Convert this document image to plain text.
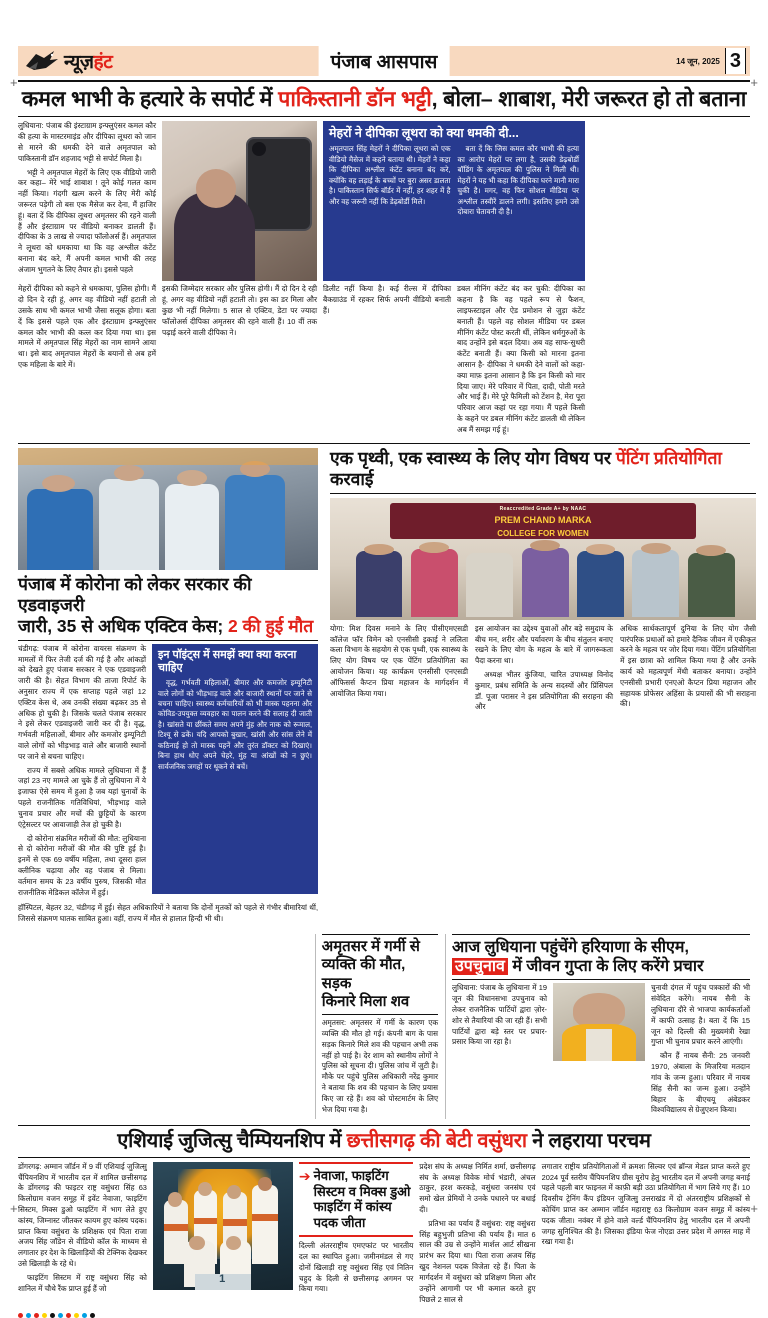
+	+
न्यूज़हंट	पंजाब आसपास	14 जून, 2025 3
कमल भाभी के हत्यारे के सपोर्ट में पाकिस्तानी डॉन भट्टी, बोला– शाबाश, मेरी जरूरत हो तो बताना

लुधियाना: पंजाब की इंस्टाग्राम इन्फ्लुएंसर कमल कौर की हत्या के मास्टरमाइंड और दीपिका लूथरा को जान से मारने की धमकी देने वाले अमृतपाल को पाकिस्तानी डॉन शहजाद भट्टी से सपोर्ट मिला है।

भट्टी ने अमृतपाल मेहरों के लिए एक वीडियो जारी कर कहा– मेरे भाई शाबाश ! तूने कोई गलत काम नहीं किया। गंदगी खत्म करने के लिए मेरी कोई जरूरत पड़ेगी तो बस एक मैसेज कर देना, मैं हाजिर हूं। बता दें कि दीपिका लूथरा अमृतसर की रहने वाली हैं और इंस्टाग्राम पर वीडियो बनाकर डालती हैं। दीपिका के 3 लाख से ज्यादा फॉलोअर्स हैं। अमृतपाल ने लूथरा को धमकाया था कि वह अश्लील कंटेंट बनाना बंद करे, मैं अपनी कमल भाभी की तरह अंजाम भुगतने के लिए तैयार हो। इससे पहले

मेहरों ने दीपिका लूथरा को क्या धमकी दी...

अमृतपाल सिंह मेहरों ने दीपिका लूथरा को एक वीडियो मैसेज में कहने बताया थी। मेहरों ने कहा कि दीपिका अश्लील कंटेंट बनाना बंद करे, क्योंकि वह लड़ाई के बच्चों पर बुरा असर डालता है। पाकिस्तान सिर्फ बॉर्डर में नहीं, हर शहर में है और वह जरूरी नहीं कि डेढ़बोर्डी मिले।

बता दें कि जिस कमल कौर भाभी की हत्या का आरोप मेहरों पर लगा है, उसकी डेढ़बोर्डी बॉडिंग के अमृतपाल की पुलिस ने मिली थी। मेहरों ने यह भी कहा कि दीपिका घरने मानी मारा चुकी है। मगर, वह फिर सोशल मीडिया पर अश्लील तस्वीरें डालने लगी। इसलिए हमने उसे दोबारा चेतावनी दी है।

मेहरों दीपिका को कहने से धमकाया, पुलिस होगी। मैं दो दिन दे रही हूं, अगर वह वीडियो नहीं हटाती तो उसके साथ भी कमल भाभी जैसा सलूक होगा। बता दें कि इससे पहले एक और इंस्टाग्राम इन्फ्लुएंसर कमल कौर भाभी की कत्ल कर दिया गया था। इस मामले में अमृतपाल सिंह मेहरों का नाम सामने आया था। इसे बाद अमृतपाल मेहरों के बयानों से अब हमें एक महिला के बारे में।

इसकी जिम्मेदार सरकार और पुलिस होगी। मैं दो दिन दे रही हूं, अगर वह वीडियो नहीं हटाती तो। इस का डर मिला और कुछ भी नहीं मिलेगा। 5 साल से एक्टिव, डेटा पर ज्यादा फॉलोअर्स दीपिका अमृतसर की रहने वाली हैं। 10 वीं तक पढ़ाई करने वाली दीपिका ने।

डिलीट नहीं किया है। कई रील्स में दीपिका बैकग्राउंड में रहकर सिर्फ अपनी वीडियो बनाती हैं।

डबल मीनिंग कंटेंट बंद कर चुकी: दीपिका का कहना है कि वह पहले रूप से फैशन, लाइफस्टाइल और ऐड प्रमोशन से जुड़ा कंटेंट बनाती हैं। पहले वह सोशल मीडिया पर डबल मीनिंग कंटेंट पोस्ट करती थीं, लेकिन धर्मगुरुओं के बाद उन्होंने इसे बदल दिया। अब वह साफ-सुथरी कंटेंट बनाती हैं। क्या किसी को मारना इतना आसान है- दीपिका ने धमकी देने वालों को कहा- क्या माफ़ इतना आसान है कि इन किसी को मार दिया जाए। मेरे परिवार में पिता, दादी, पोती मरते और भाई हैं। मेरे पूरे फैमिली को टेंशन है, मेरा पूरा परिवार आज कहां पर रहा गया। मैं पहले किसी के कहने पर डबल मीनिंग कंटेंट डालती थी लेकिन अब मैं समझ गई हूं।

पंजाब में कोरोना को लेकर सरकार की एडवाइजरी
जारी, 35 से अधिक एक्टिव केस; 2 की हुई मौत

चंडीगढ़: पंजाब में कोरोना वायरस संक्रमण के मामलों में फिर तेजी दर्ज की गई है और आंकड़ों को देखते हुए पंजाब सरकार ने एक एडवाइजरी जारी की है। सेहत विभाग की ताजा रिपोर्ट के अनुसार राज्य में एक सप्ताह पहले जहां 12 एक्टिव केस थे, अब उनकी संख्या बढ़कर 35 से अधिक हो चुकी है। जिसके चलते पंजाब सरकार ने इसे लेकर एडवाइजरी जारी कर दी है। वृद्ध, गर्भवती महिलाओं, बीमार और कमजोर इम्यूनिटी वाले लोगों को भीड़भाड़ वाले और बाजारी स्थानों पर जाने से बचना चाहिए।

राज्य में सबसे अधिक मामले लुधियाना में हैं जहां 23 नए मामले आ चुके हैं तो लुधियाना में ये इजाफा ऐसे समय में हुआ है जब यहां चुनावों के पहले राजनीतिक गतिविधियां, भीड़भाड़ वाले चुनाव प्रचार और मचों की छुट्टियों के कारण एंट्रेसल्टर पर आवाजाही तेज हो चुकी है।

दो कोरोना संक्रमित मरीजों की मौत: लुधियाना से दो कोरोना मरीजों की मौत की पुष्टि हुई है। इनमें से एक 69 वर्षीय महिला, तथा दूसरा हाल क्लीनिक चढ़ाया और वह पंजाब से मिला। वर्तमान समय के 23 वर्षीय पुरुष, जिसकी मौत राजनीतिक मेडिकल कॉलेज में हुई।

इन पॉइंट्स में समझें क्या क्या करना चाहिए

वृद्ध, गर्भवती महिलाओं, बीमार और कमजोर इम्यूनिटी वाले लोगों को भीड़भाड़ वाले और बाजारी स्थानों पर जाने से बचना चाहिए। स्वास्थ्य कर्मचारियों को भी मास्क पहनना और कोविड-उपयुक्त व्यवहार का पालन करने की सलाह दी जाती है। खांसते या छींकते समय अपने मुंह और नाक को रूमाल, टिश्यू से ढकें। यदि आपको बुखार, खांसी और सांस लेने में कठिनाई हो तो मास्क पहनें और तुरंत डॉक्टर को दिखाएं। बिना हाथ धोए अपने चेहरे, मुंह या आंखों को न छुएं। सार्वजनिक जगहों पर थूकने से बचें।

हॉस्पिटल, बेहतर 32, चंडीगढ़ में हुई। सेहत अधिकारियों ने बताया कि दोनों मृतकों को पहले से गंभीर बीमारियां थीं, जिससे संक्रमण घातक साबित हुआ। वहीं, राज्य में मौत से हालात हिन्दी भी थी।

एक पृथ्वी, एक स्वास्थ्य के लिए योग विषय पर पेंटिंग प्रतियोगिता करवाई
Reaccredited Grade A+ by NAAC
PREM CHAND MARKA
COLLEGE FOR WOMEN

योगा: मिश दिवस मनाने के लिए पीसीएमएसडी कॉलेज फॉर विमेन को एनसीसी इकाई ने ललिता कला विभाग के सहयोग से एक पृथ्वी, एक स्वास्थ्य के लिए योग विषय पर एक पेंटिंग प्रतियोगिता का आयोजन किया। यह कार्यक्रम एनसीसी एनएसडी ऑफिसर्स कैप्टन प्रिया महाजन के मार्गदर्शन में आयोजित किया गया।

इस आयोजन का उद्देश्य युवाओं और बड़े समुदाय के बीच मन, शरीर और पर्यावरण के बीच संतुलन बनाए रखने के लिए योग के महत्व के बारे में जागरूकता पैदा करना था।

अध्यक्ष भीतर कुंजिया, चारित उपाध्यक्ष विनोद कुमार, प्रबंध समिति के अन्य सदस्यों और प्रिंसिपल डॉ. पूजा परासर ने इस प्रतियोगिता की सराहना की और

अधिक सार्थकतापूर्ण दुनिया के लिए योग जैसी पारंपरिक प्रथाओं को हमारे दैनिक जीवन में एकीकृत करने के महत्व पर जोर दिया गया। पेंटिंग प्रतियोगिता में इस छात्रा को शामिल किया गया है और उनके कार्य को महत्वपूर्ण मेंथी बताकर बनाया। उन्होंने एनसीसी प्रभारी एनएओ कैप्टन प्रिया महाजन और सहायक प्रोफेसर अहिंसा के प्रयासों की भी सराहना की।

अमृतसर में गर्मी से
व्यक्ति की मौत, सड़क
किनारे मिला शव

अमृतसर: अमृतसर में गर्मी के कारण एक व्यक्ति की मौत हो गई। कंपनी बाग के पास सड़क किनारे मिले शव की पहचान अभी तक नहीं हो पाई है। देर शाम को स्थानीय लोगों ने पुलिस को सूचना दी। पुलिस जांच में जुटी है। मौके पर पहुंचे पुलिस अधिकारी नरेंद्र कुमार ने बताया कि शव की पहचान के लिए प्रयास किए जा रहे हैं। शव को पोस्टमार्टम के लिए भेज दिया गया है।

आज लुधियाना पहुंचेंगे हरियाणा के सीएम,
उपचुनाव में जीवन गुप्ता के लिए करेंगे प्रचार

लुधियाना: पंजाब के लुधियाना में 19 जून की विधानसभा उपचुनाव को लेकर राजनैतिक पार्टियों द्वारा ज़ोर-शोर से तैयारियां की जा रही हैं। सभी पार्टियों द्वारा बड़े स्तर पर प्रचार-प्रसार किया जा रहा है।

चुनावी दंगल में पहुंच पत्रकारों की भी संवेदित करेंगे। नायब सैनी के लुधियाना दौरे से भाजपा कार्यकर्ताओं में काफी उत्साह है। बता दें कि 15 जून को दिल्ली की मुख्यमंत्री रेखा गुप्ता भी चुनाव प्रचार करने आएंगी।

कौन हैं नायब सैनी: 25 जनवरी 1970, अंबाला के मिजरिया मतदान गांव के जन्म हुआ। परिवार में नायब सिंह सैनी का जन्म हुआ। उन्होंने बिहार के बीएचयू अंबेडकर विश्वविद्यालय से ग्रेजुएशन किया।

एशियाई जुजित्सु चैम्पियनशिप में छत्तीसगढ़ की बेटी वसुंधरा ने लहराया परचम

डोंगरगढ़: अम्मान जॉर्डन में 9 वीं एशियाई जुजित्सु चैंपियनशिप में भारतीय दल में शामिल छत्तीसगढ़ के डोंगरगढ़ की फाइटर राष्ट्र वसुंधरा सिंह 63 किलोग्राम वजन समूह में इवेंट नेवाजा, फाइटिंग सिस्टम, मिक्स डुओ फाइटिंग में भाग लेते हुए कांस्य, जिम्नास्ट जीतकर कायम हुए कांस्य पदक। प्राप्त किया वसुंधरा के प्रशिक्षक एवं पिता राजा अजय सिंह जॉडेन से वीडियो कॉल के माध्यम से लगातार हर देश के खिलाड़ियों की टेक्निक देखकर उसे खिलाड़ी के रहे थे।

फाइटिंग सिस्टम में राष्ट्र वसुंधरा सिंह को शानिल में चौथे रैंक प्राप्त हुई हैं जो

1
➔ नेवाजा, फाइटिंग सिस्टम व मिक्स डुओ फाइटिंग में कांस्य पदक जीता

दिल्ली अंतरराष्ट्रीय एमएफांट पर भारतीय दल का स्थापित हुआ। जमीनमंडल से गए दोनों खिलाड़ी राष्ट्र वसुंधरा सिंह एवं नितिन चहुद के दिली से छत्तीसगढ़ अगमन पर किया गया।

प्रदेश संघ के अध्यक्ष निर्मित शर्मा, छत्तीसगढ़ संघ के अध्यक्ष विवेक मोर्च भंडारी, अंचल ठाकुर, हरश करकड़े, वसुंधरा जनसंघ एवं समो खेल प्रेमियों ने उनके पधारने पर बधाई दी।

प्रतिभा का पर्याय हैं वसुंधरा: राष्ट्र वसुंधरा सिंह बहुभुजी प्रतिभा की पर्याय हैं। मात 6 साल की उम्र से उन्होंने मार्शल आर्ट सीखना प्रारंभ कर दिया था। पिता राजा अजय सिंह खुद नेशनल पदक विजेता रहे हैं। पिता के मार्गदर्शन में वसुंधरा को प्रशिक्षण मिला और उन्होंने आगामी पर भी कमाल करते हुए पिछले 2 साल से

लगातार राष्ट्रीय प्रतियोगिताओं में क्रमशः सिल्वर एवं ब्रॉन्ज मेडल प्राप्त करते हुए 2024 पूर्व स्तरीय चैंपियनशिप ग्रीस यूरोप हेतु भारतीय दल में अपनी जगह बनाई पहले पहली बार फाइनल में काफ़ी बड़ी उठा प्रतियोगिता में भाग लिये गए हैं। 10 दिवसीय ट्रेनिंग कैंप इंडियन जुजित्सु उत्तराखंड में दो अंतरराष्ट्रीय प्रशिक्षकों से कोचिंग प्राप्त कर अम्मान जॉर्डन महाराष्ट्र 63 किलोग्राम वजन समूह में कांस्य पदक जीता। नवंबर में होने वाले वर्ल्ड चैंपियनशिप हेतु भारतीय दल में अपनी जगह सुनिश्चित की है। जिसका इंडिया फेज नोएडा उत्तर प्रदेश में अगस्त माह में रखा गया है।

+	+
